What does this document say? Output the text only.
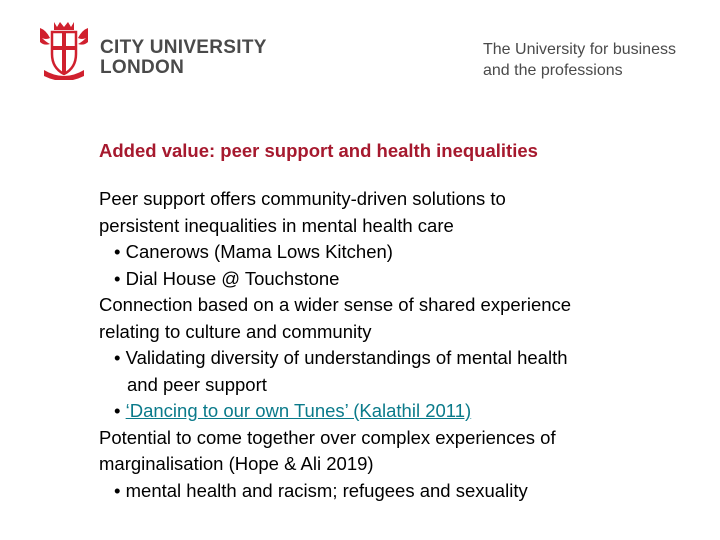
CITY UNIVERSITY
LONDON
The University for business
and the professions
Added value: peer support and health inequalities

Peer support offers community-driven solutions to
persistent inequalities in mental health care

• Canerows (Mama Lows Kitchen)

• Dial House @ Touchstone

Connection based on a wider sense of shared experience
relating to culture and community

• Validating diversity of understandings of mental health
and peer support

• ‘Dancing to our own Tunes’ (Kalathil 2011)

Potential to come together over complex experiences of
marginalisation (Hope & Ali 2019)

• mental health and racism; refugees and sexuality
